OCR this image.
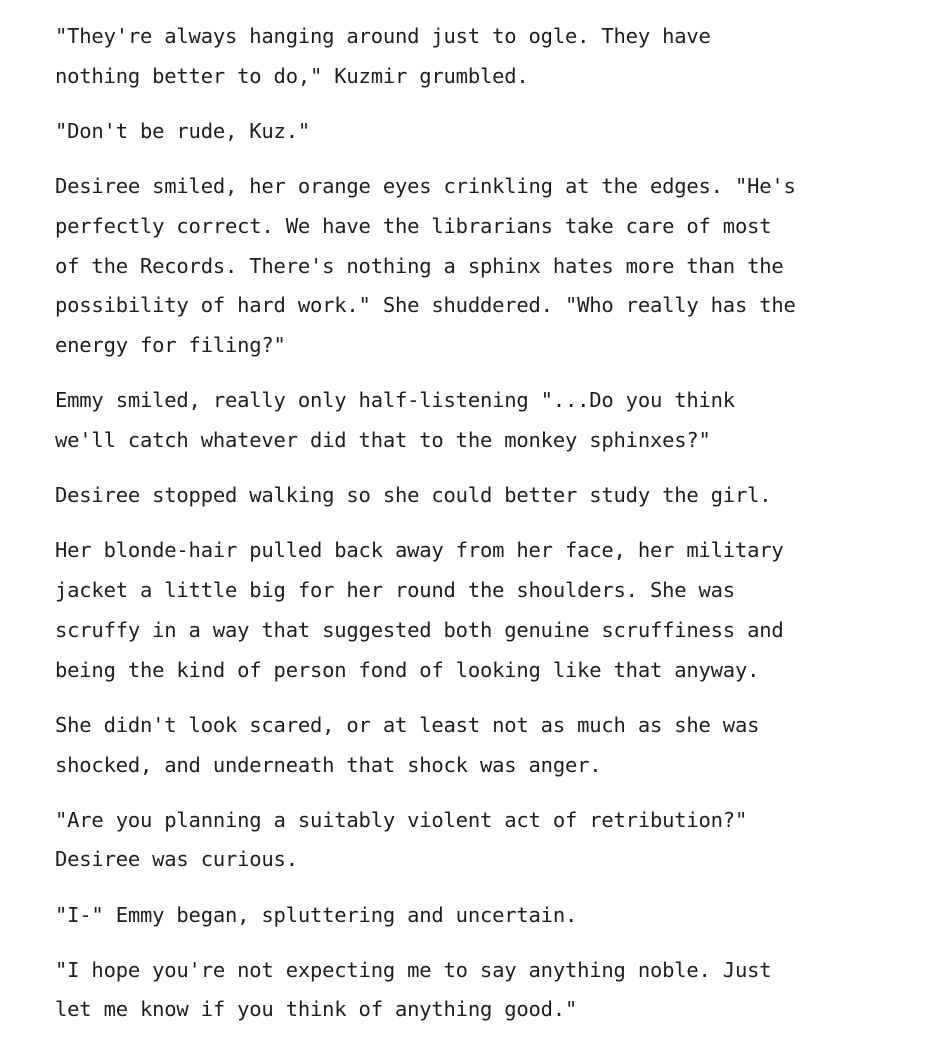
"They're always hanging around just to ogle. They have
nothing better to do," Kuzmir grumbled.

"Don't be rude, Kuz."

Desiree smiled, her orange eyes crinkling at the edges. "He's
perfectly correct. We have the librarians take care of most
of the Records. There's nothing a sphinx hates more than the
possibility of hard work." She shuddered. "Who really has the
energy for filing?"

Emmy smiled, really only half-listening "...Do you think
we'll catch whatever did that to the monkey sphinxes?"

Desiree stopped walking so she could better study the girl.

Her blonde-hair pulled back away from her face, her military
jacket a little big for her round the shoulders. She was
scruffy in a way that suggested both genuine scruffiness and
being the kind of person fond of looking like that anyway.

She didn't look scared, or at least not as much as she was
shocked, and underneath that shock was anger.

"Are you planning a suitably violent act of retribution?"
Desiree was curious.

"I-" Emmy began, spluttering and uncertain.

"I hope you're not expecting me to say anything noble. Just
let me know if you think of anything good."
